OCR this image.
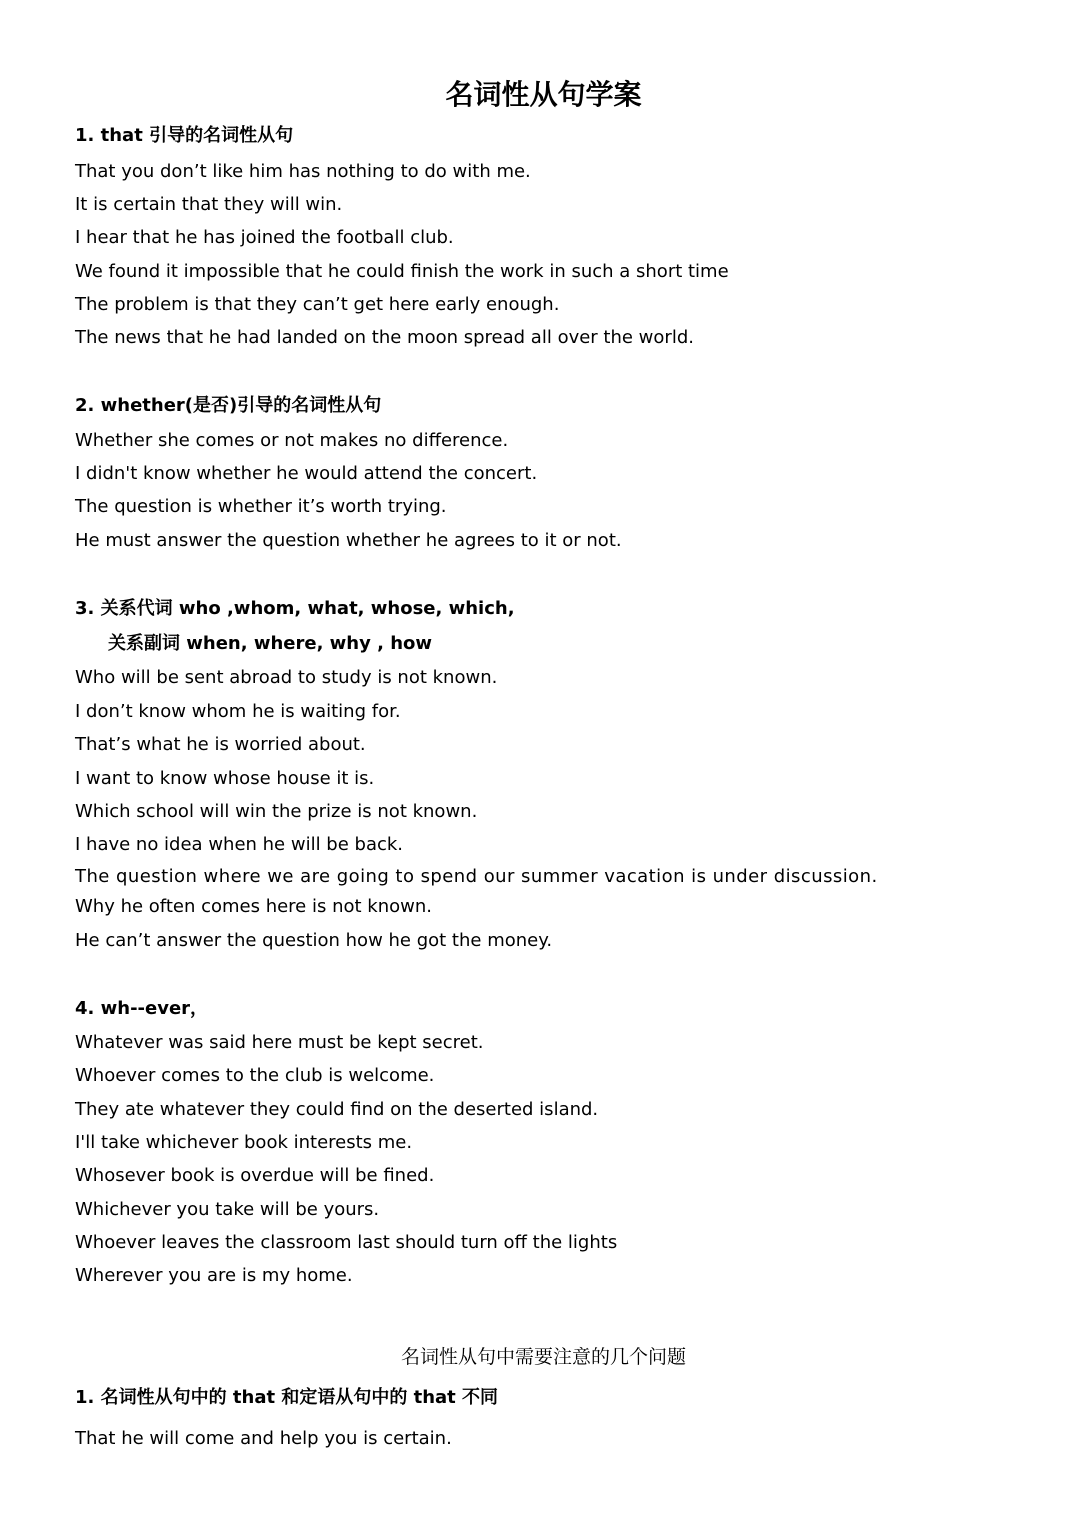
名词性从句学案
1. that 引导的名词性从句
That you don’t like him has nothing to do with me.
It is certain that they will win.
I hear that he has joined the football club.
We found it impossible that he could finish the work in such a short time
The problem is that they can’t get here early enough.
The news that he had landed on the moon spread all over the world.
2. whether(是否)引导的名词性从句
Whether she comes or not makes no difference.
I didn't know whether he would attend the concert.
The question is whether it’s worth trying.
He must answer the question whether he agrees to it or not.
3. 关系代词 who ,whom, what, whose, which,
关系副词 when, where, why , how
Who will be sent abroad to study is not known.
I don’t know whom he is waiting for.
That’s what he is worried about.
I want to know whose house it is.
Which school will win the prize is not known.
I have no idea when he will be back.
The question where we are going to spend our summer vacation is under discussion.
Why he often comes here is not known.
He can’t answer the question how he got the money.
4. wh--ever，
Whatever was said here must be kept secret.
Whoever comes to the club is welcome.
They ate whatever they could find on the deserted island.
I'll take whichever book interests me.
Whosever book is overdue will be fined.
Whichever you take will be yours.
Whoever leaves the classroom last should turn off the lights
Wherever you are is my home.
名词性从句中需要注意的几个问题
1. 名词性从句中的 that 和定语从句中的 that 不同
That he will come and help you is certain.
